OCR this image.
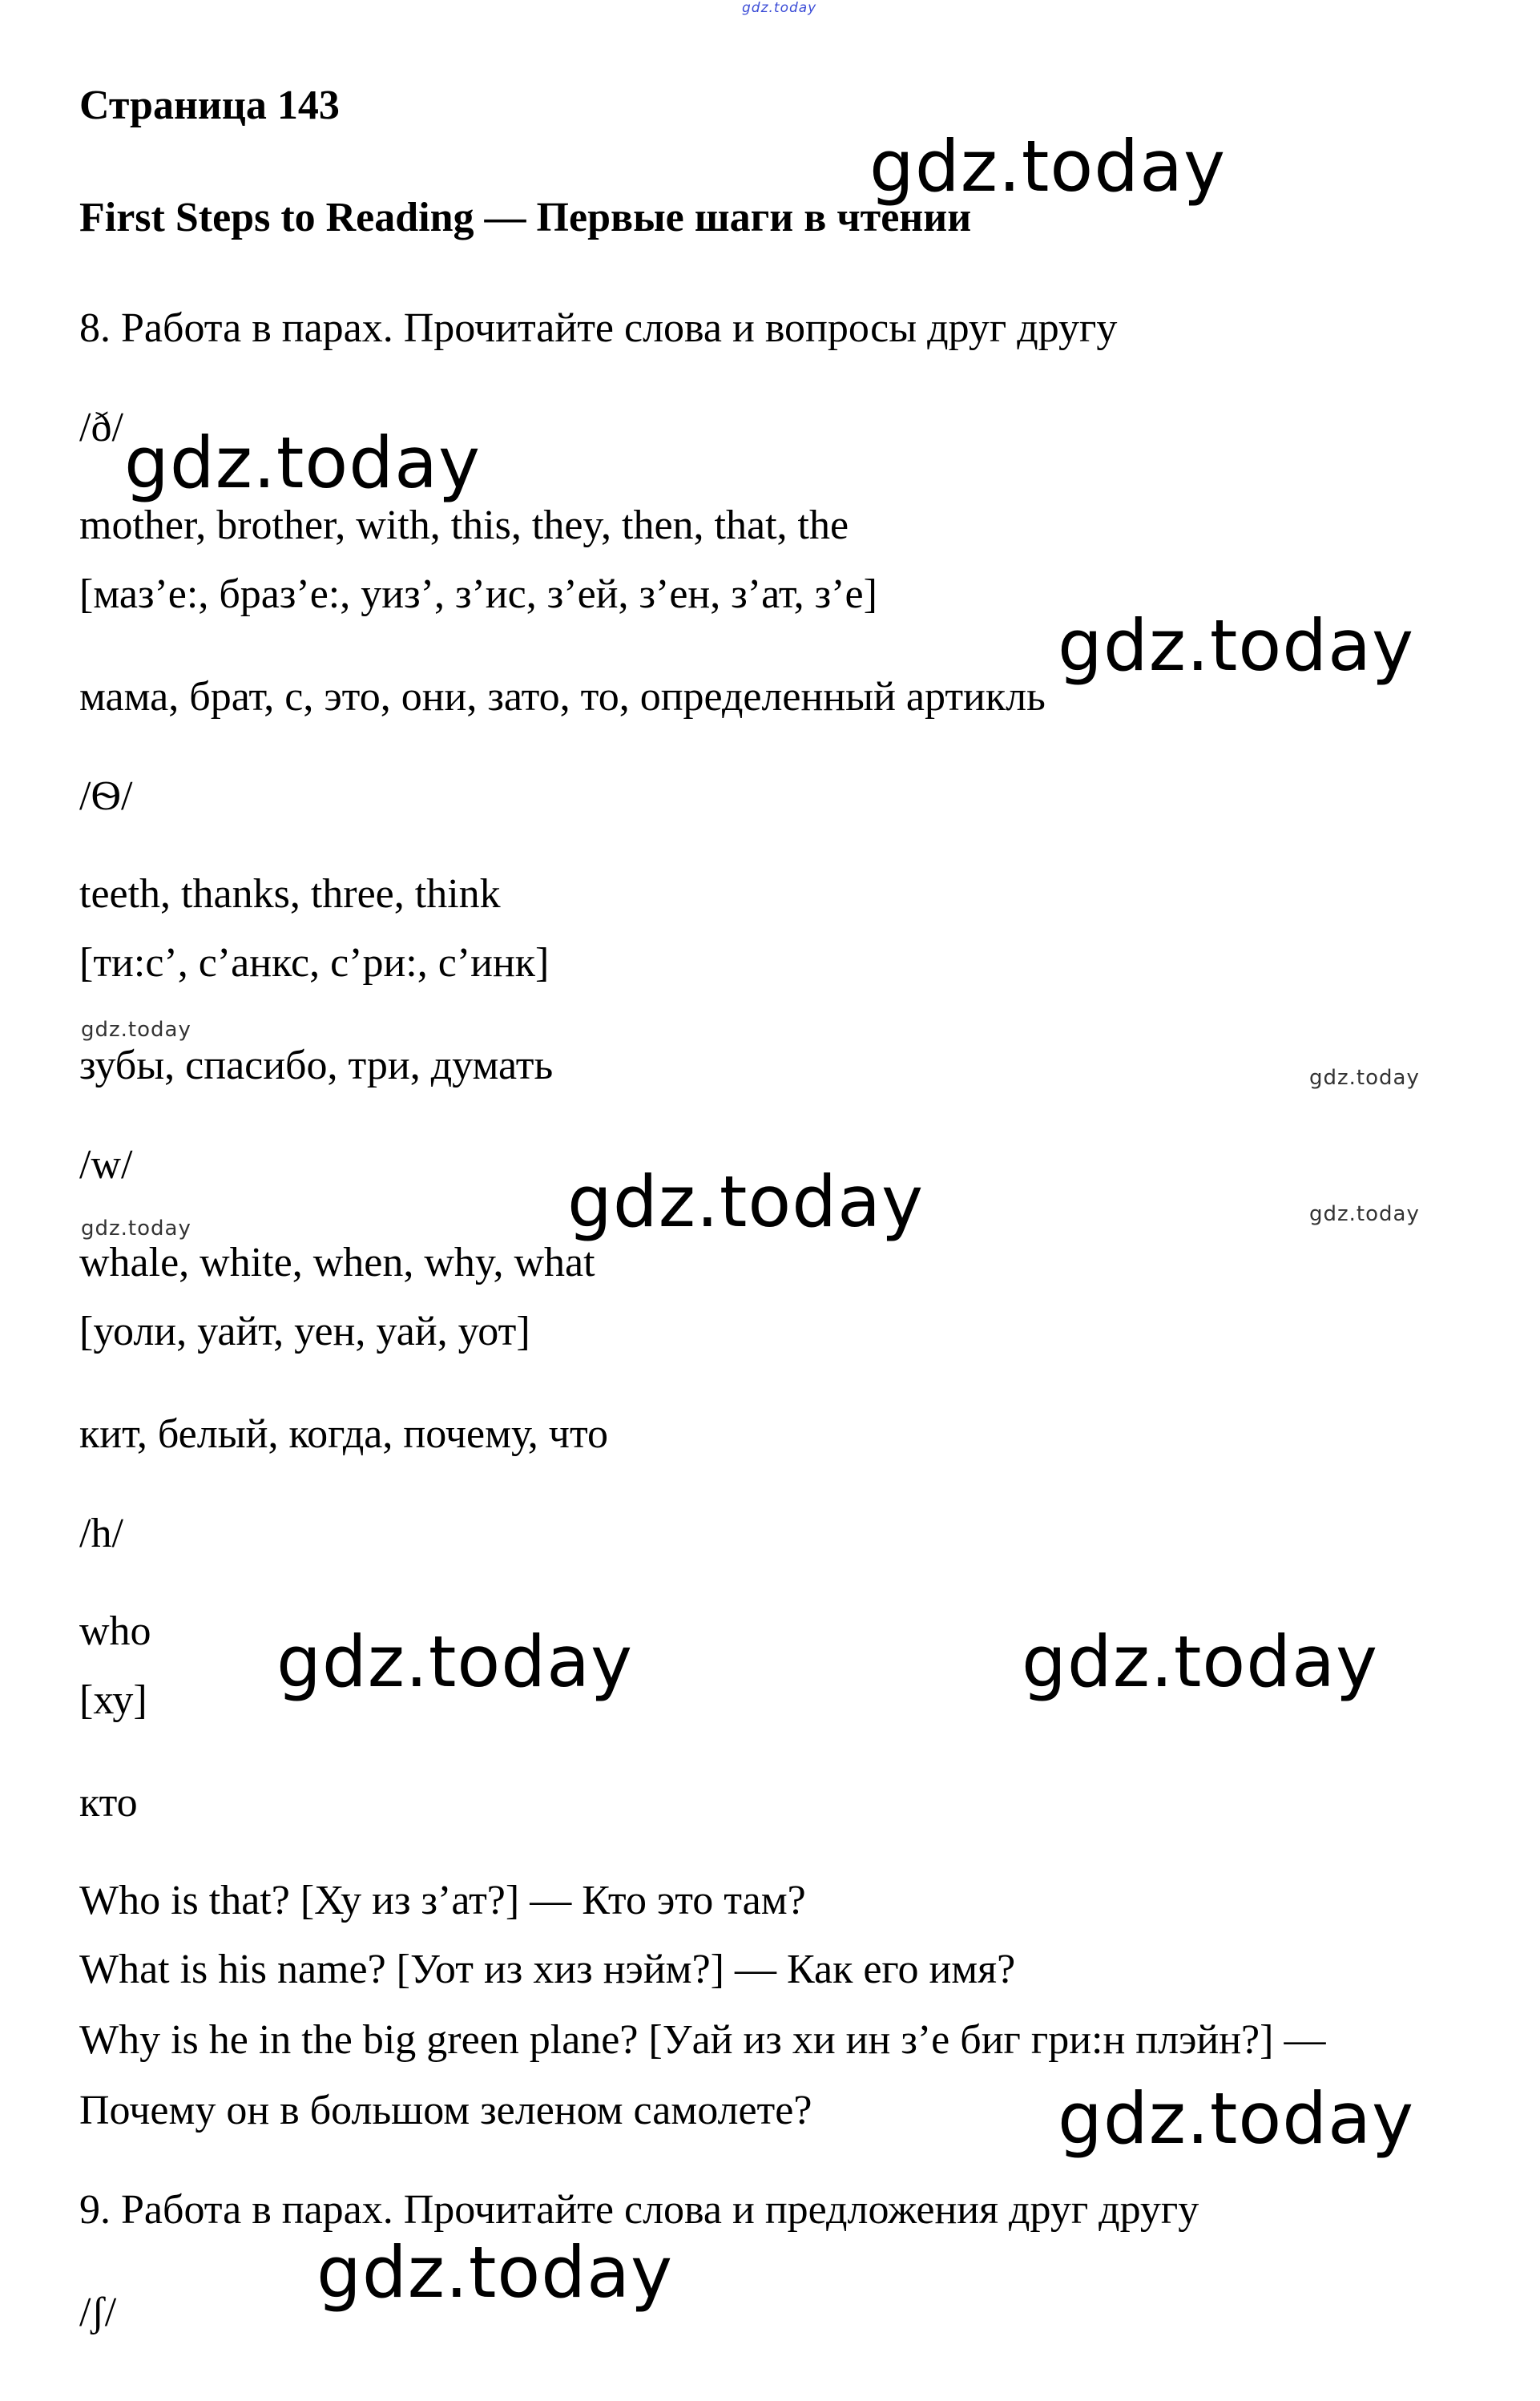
gdz.today
Страница 143
First Steps to Reading — Первые шаги в чтении
8. Работа в парах. Прочитайте слова и вопросы друг другу
/ð/
mother, brother, with, this, they, then, that, the
[маз’е:, браз’е:, уиз’, з’ис, з’ей, з’ен, з’ат, з’е]
мама, брат, с, это, они, зато, то, определенный артикль
/Ѳ/
teeth, thanks, three, think
[ти:с’, с’анкс, с’ри:, с’инк]
зубы, спасибо, три, думать
/w/
whale, white, when, why, what
[уоли, уайт, уен, уай, уот]
кит, белый, когда, почему, что
/h/
who
[ху]
кто
Who is that? [Ху из з’ат?] — Кто это там?
What is his name? [Уот из хиз нэйм?] — Как его имя?
Why is he in the big green plane? [Уай из хи ин з’е биг гри:н плэйн?] —
Почему он в большом зеленом самолете?
9. Работа в парах. Прочитайте слова и предложения друг другу
/ʃ/
gdz.today
gdz.today
gdz.today
gdz.today
gdz.today	gdz.today
gdz.today
gdz.today
gdz.today
gdz.today
gdz.today
gdz.today
